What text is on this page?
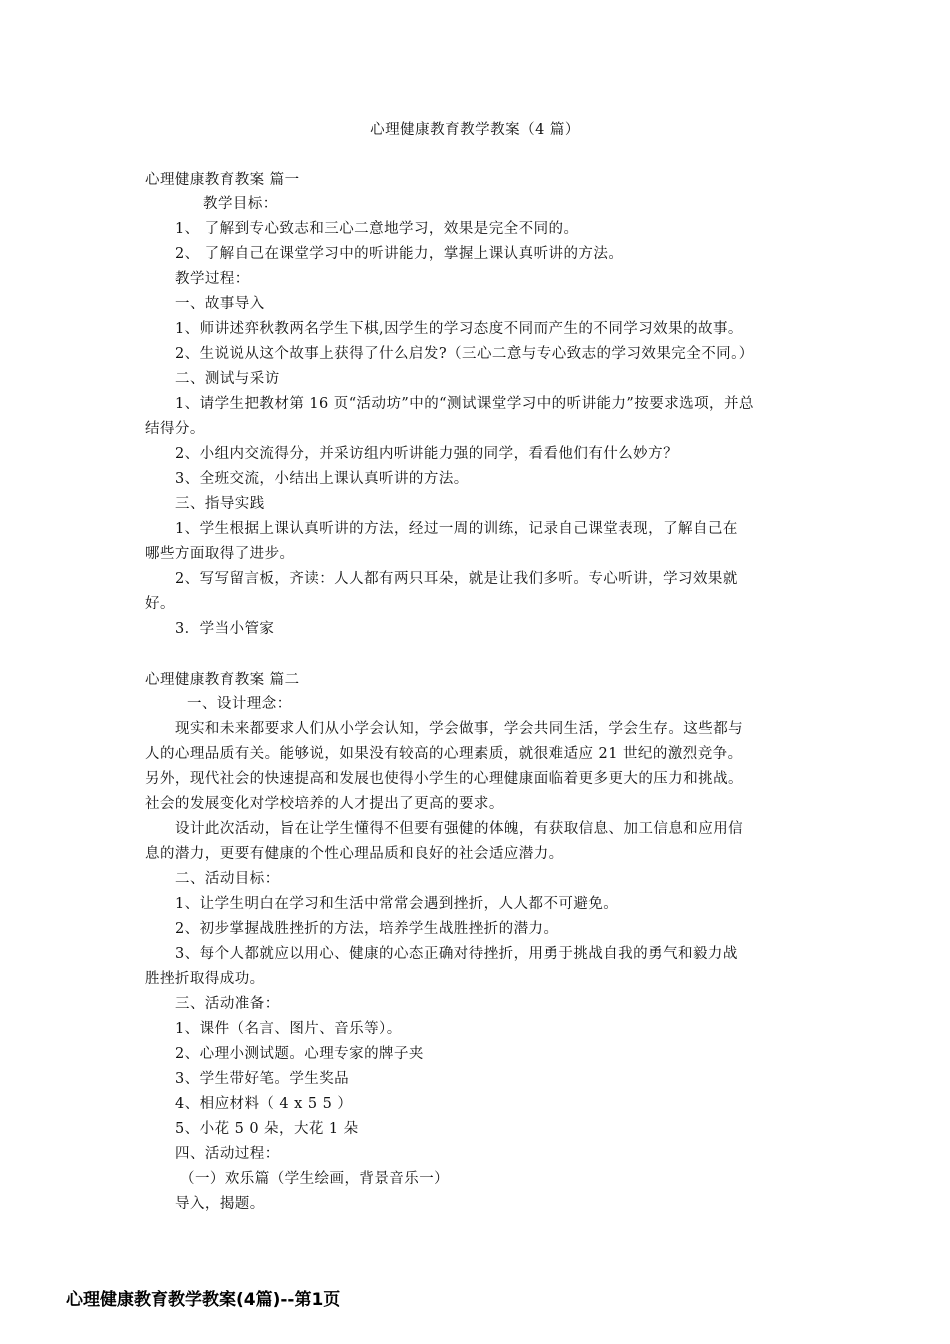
心理健康教育教学教案（4 篇）
心理健康教育教案 篇一
教学目标：
1、 了解到专心致志和三心二意地学习，效果是完全不同的。
2、 了解自己在课堂学习中的听讲能力，掌握上课认真听讲的方法。
教学过程：
一、故事导入
1、师讲述弈秋教两名学生下棋,因学生的学习态度不同而产生的不同学习效果的故事。
2、生说说从这个故事上获得了什么启发?（三心二意与专心致志的学习效果完全不同。）
二、测试与采访
1、请学生把教材第 16 页“活动坊”中的“测试课堂学习中的听讲能力”按要求选项，并总
结得分。
2、小组内交流得分，并采访组内听讲能力强的同学，看看他们有什么妙方？
3、全班交流，小结出上课认真听讲的方法。
三、指导实践
1、学生根据上课认真听讲的方法，经过一周的训练，记录自己课堂表现，了解自己在
哪些方面取得了进步。
2、写写留言板，齐读：人人都有两只耳朵，就是让我们多听。专心听讲，学习效果就
好。
3．学当小管家
心理健康教育教案 篇二
一、设计理念：
现实和未来都要求人们从小学会认知，学会做事，学会共同生活，学会生存。这些都与
人的心理品质有关。能够说，如果没有较高的心理素质，就很难适应 21 世纪的激烈竞争。
另外，现代社会的快速提高和发展也使得小学生的心理健康面临着更多更大的压力和挑战。
社会的发展变化对学校培养的人才提出了更高的要求。
设计此次活动，旨在让学生懂得不但要有强健的体魄，有获取信息、加工信息和应用信
息的潜力，更要有健康的个性心理品质和良好的社会适应潜力。
二、活动目标：
1、让学生明白在学习和生活中常常会遇到挫折，人人都不可避免。
2、初步掌握战胜挫折的方法，培养学生战胜挫折的潜力。
3、每个人都就应以用心、健康的心态正确对待挫折，用勇于挑战自我的勇气和毅力战
胜挫折取得成功。
三、活动准备：
1、课件（名言、图片、音乐等）。
2、心理小测试题。心理专家的牌子夹
3、学生带好笔。学生奖品
4、相应材料（ 4 x 5 5 ）
5、小花 5 0 朵，大花 1 朵
四、活动过程：
（一）欢乐篇（学生绘画，背景音乐一）
导入，揭题。
心理健康教育教学教案(4篇)--第1页
